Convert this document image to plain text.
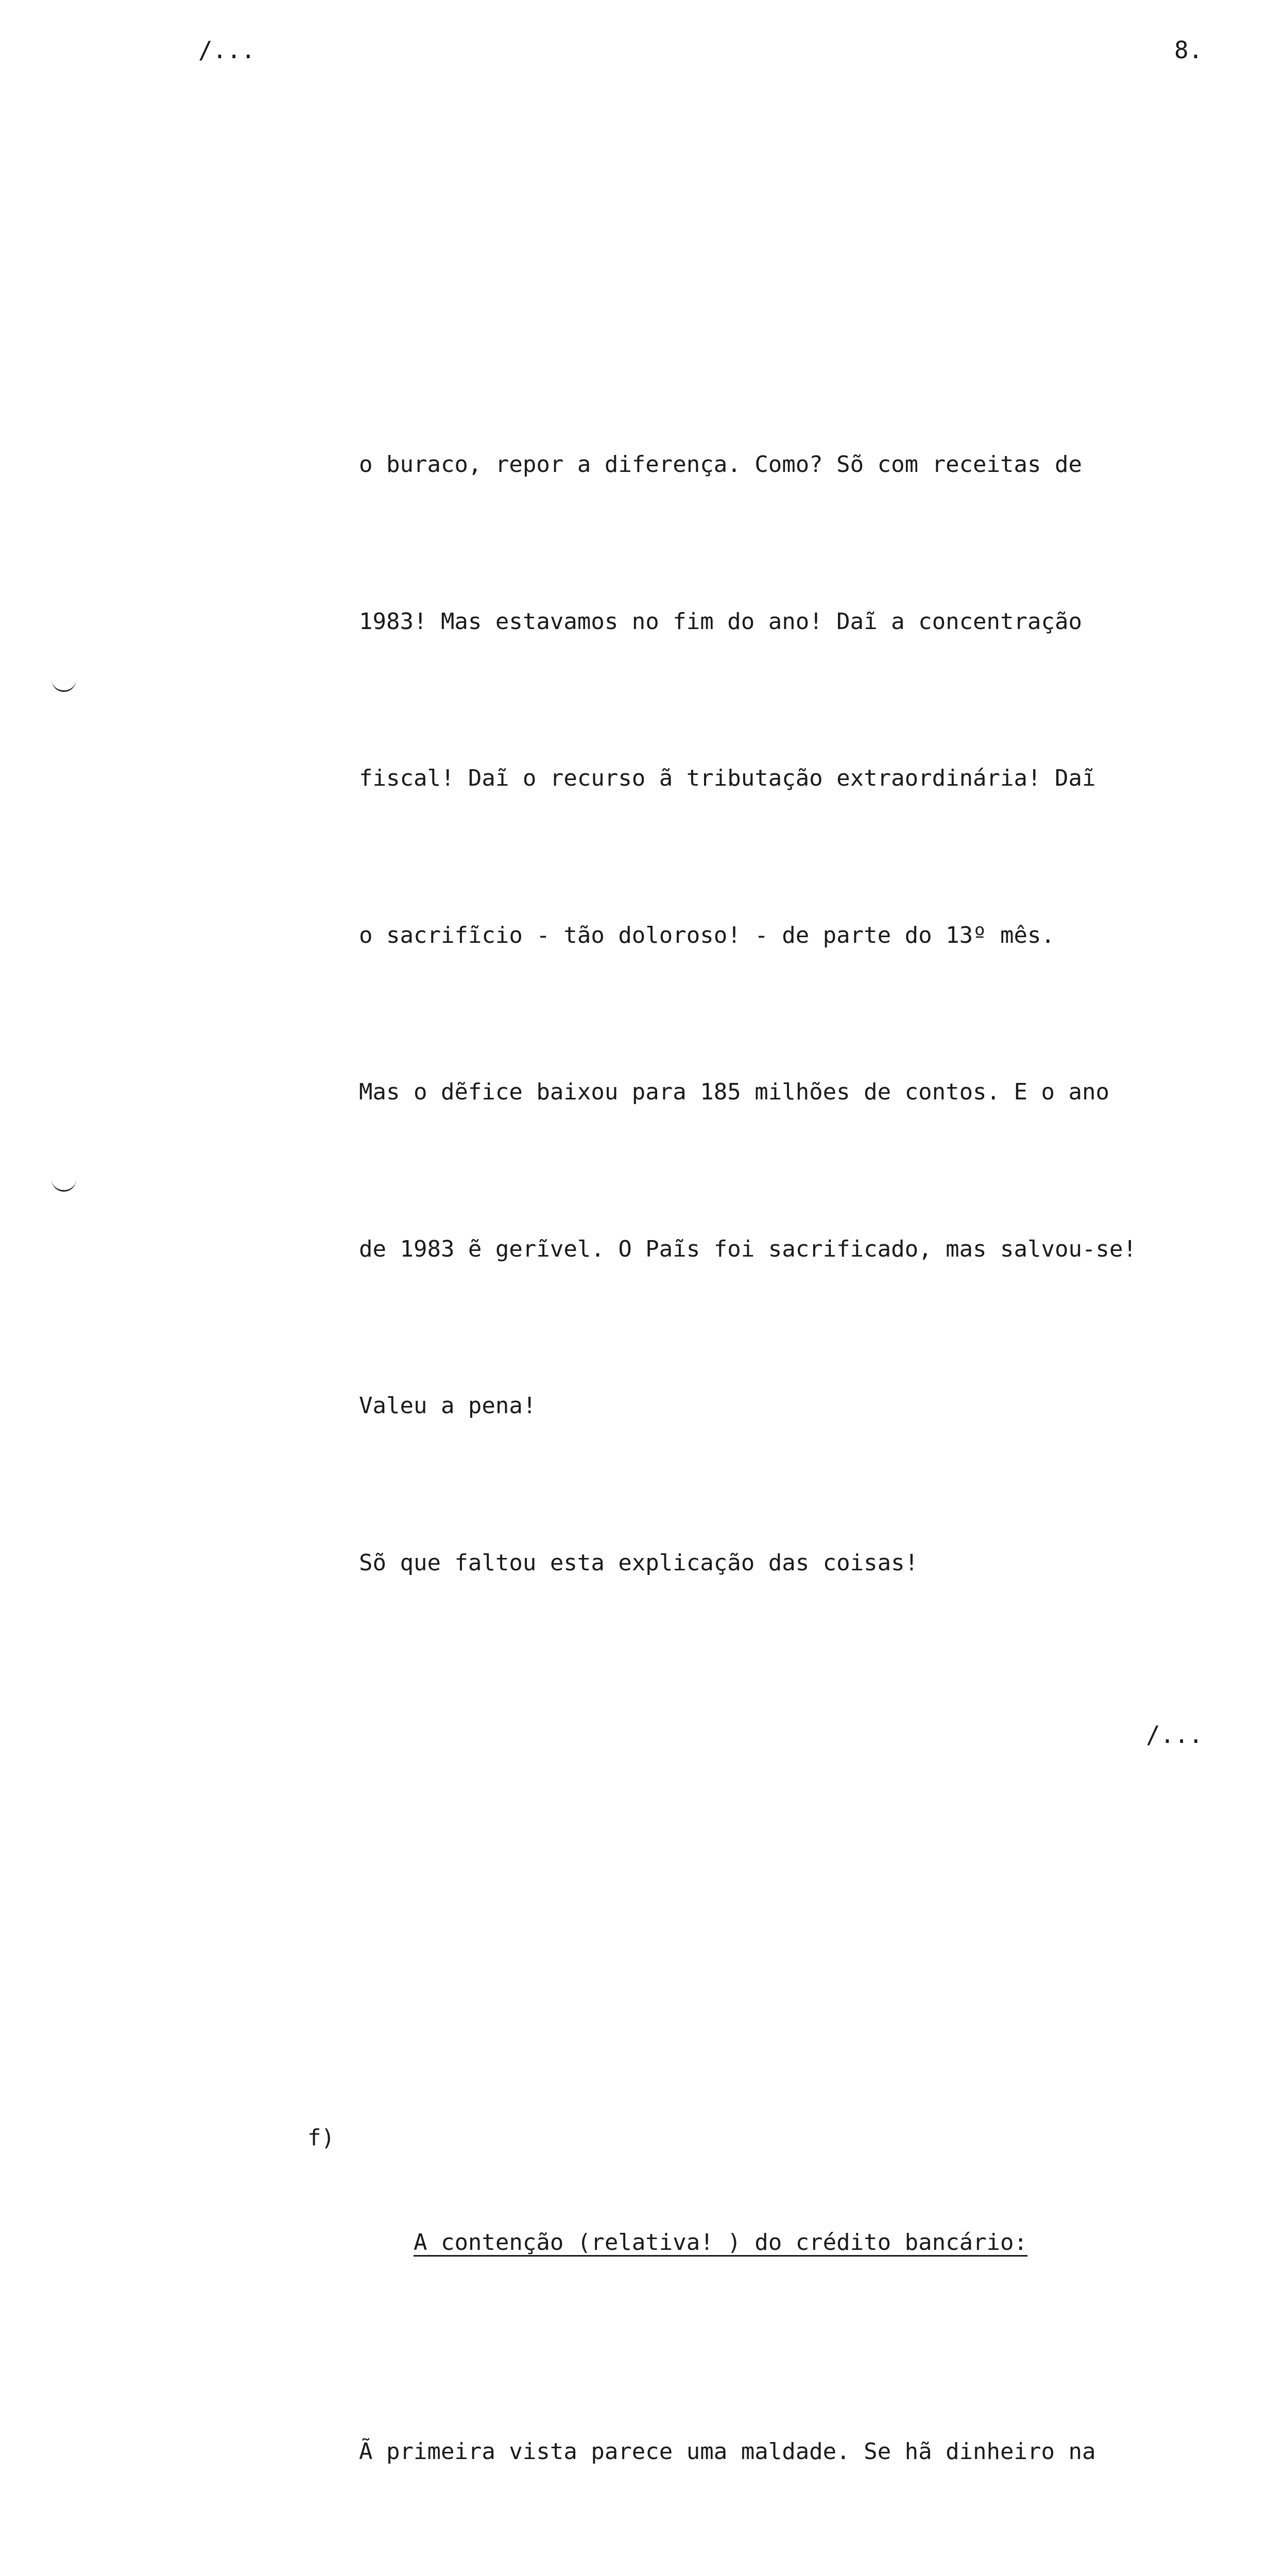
/...	8.

o buraco, repor a diferença. Como? Sõ com receitas de

1983! Mas estavamos no fim do ano! Daĩ a concentração

fiscal! Daĩ o recurso ã tributação extraordinária! Daĩ

o sacrifĩcio - tão doloroso! - de parte do 13º mês.

Mas o dẽfice baixou para 185 milhões de contos. E o ano

de 1983 ẽ gerĩvel. O Paĩs foi sacrificado, mas salvou-se!

Valeu a pena!

Sõ que faltou esta explicação das coisas!

f)

A contenção (relativa! ) do crédito bancário:

Ã primeira vista parece uma maldade. Se hã dinheiro na

/...
